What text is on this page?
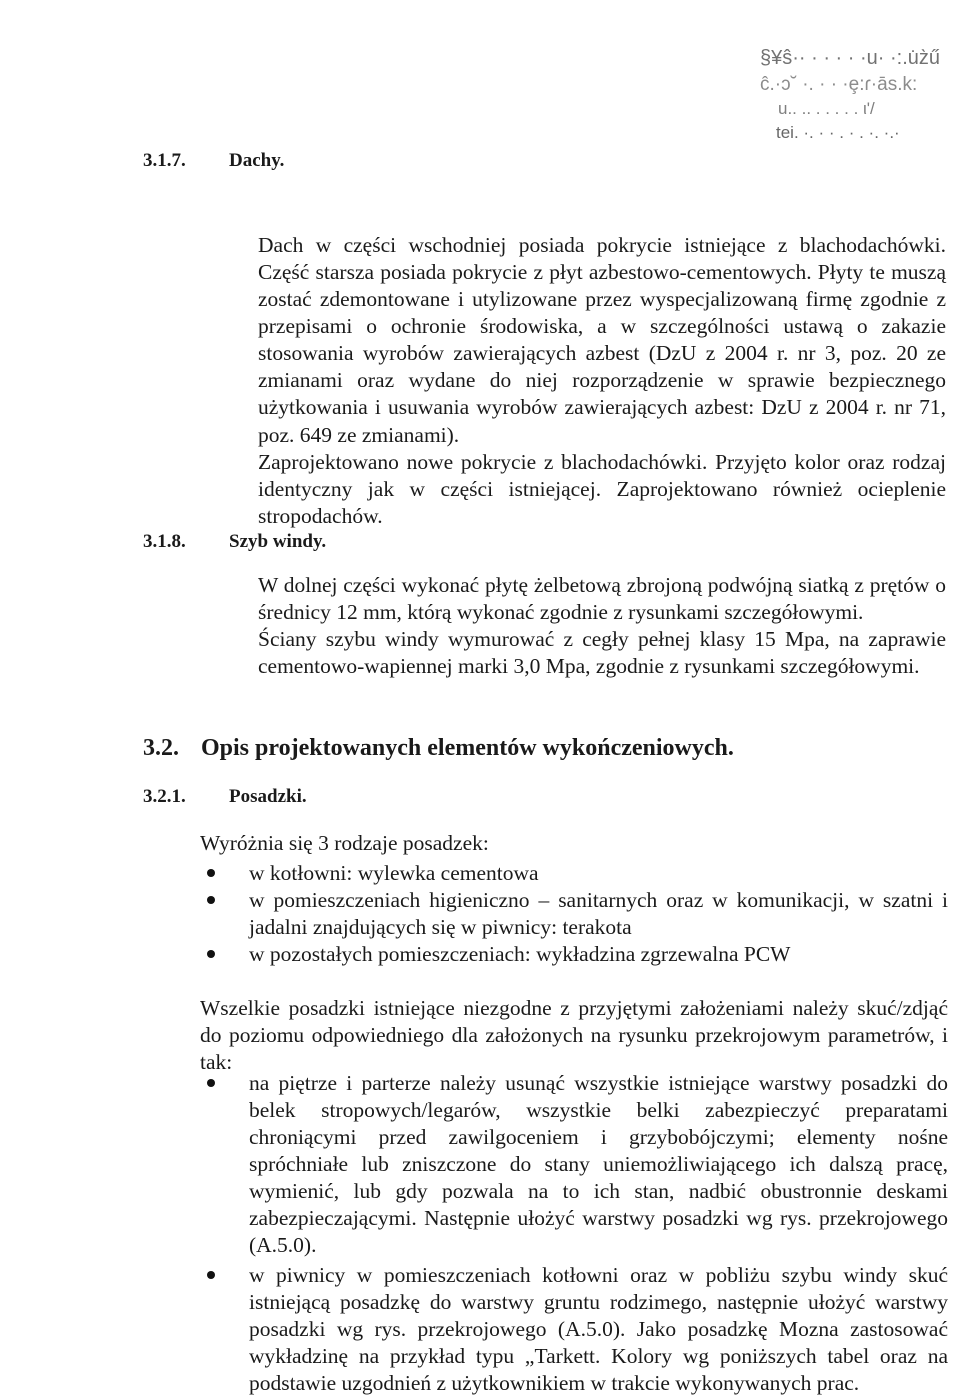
§¥ŝ·· · · · · ·u· ·:.u̇z̀ű
ĉ.·ɔ˘ ·. · · ·ȩ:ɾ·ās.k:
u.. .. . . . . . ι'/
tei. ·. · · . · . ·. ·.·
3.1.7. Dachy.

Dach w części wschodniej posiada pokrycie istniejące z blachodachówki. Część starsza posiada pokrycie z płyt azbestowo-cementowych. Płyty te muszą zostać zdemontowane i utylizowane przez wyspecjalizowaną firmę zgodnie z przepisami o ochronie środowiska, a w szczególności ustawą o zakazie stosowania wyrobów zawierających azbest (DzU z 2004 r. nr 3, poz. 20 ze zmianami oraz wydane do niej rozporządzenie w sprawie bezpiecznego użytkowania i usuwania wyrobów zawierających azbest: DzU z 2004 r. nr 71, poz. 649 ze zmianami).

Zaprojektowano nowe pokrycie z blachodachówki. Przyjęto kolor oraz rodzaj identyczny jak w części istniejącej. Zaprojektowano również ocieplenie stropodachów.

3.1.8. Szyb windy.

W dolnej części wykonać płytę żelbetową zbrojoną podwójną siatką z prętów o średnicy 12 mm, którą wykonać zgodnie z rysunkami szczegółowymi.

Ściany szybu windy wymurować z cegły pełnej klasy 15 Mpa, na zaprawie cementowo-wapiennej marki 3,0 Mpa, zgodnie z rysunkami szczegółowymi.

3.2. Opis projektowanych elementów wykończeniowych.
3.2.1. Posadzki.

Wyróżnia się 3 rodzaje posadzek:

w kotłowni: wylewka cementowa
w pomieszczeniach higieniczno – sanitarnych oraz w komunikacji, w szatni i jadalni znajdujących się w piwnicy: terakota
w pozostałych pomieszczeniach: wykładzina zgrzewalna PCW

Wszelkie posadzki istniejące niezgodne z przyjętymi założeniami należy skuć/zdjąć do poziomu odpowiedniego dla założonych na rysunku przekrojowym parametrów, i tak:

na piętrze i parterze należy usunąć wszystkie istniejące warstwy posadzki do belek stropowych/legarów, wszystkie belki zabezpieczyć preparatami chroniącymi przed zawilgoceniem i grzybobójczymi; elementy nośne spróchniałe lub zniszczone do stany uniemożliwiającego ich dalszą pracę, wymienić, lub gdy pozwala na to ich stan, nadbić obustronnie deskami zabezpieczającymi. Następnie ułożyć warstwy posadzki wg rys. przekrojowego (A.5.0).
w piwnicy w pomieszczeniach kotłowni oraz w pobliżu szybu windy skuć istniejącą posadzkę do warstwy gruntu rodzimego, następnie ułożyć warstwy posadzki wg rys. przekrojowego (A.5.0). Jako posadzkę Mozna zastosować wykładzinę na przykład typu „Tarkett. Kolory wg poniższych tabel oraz na podstawie uzgodnień z użytkownikiem w trakcie wykonywanych prac.
